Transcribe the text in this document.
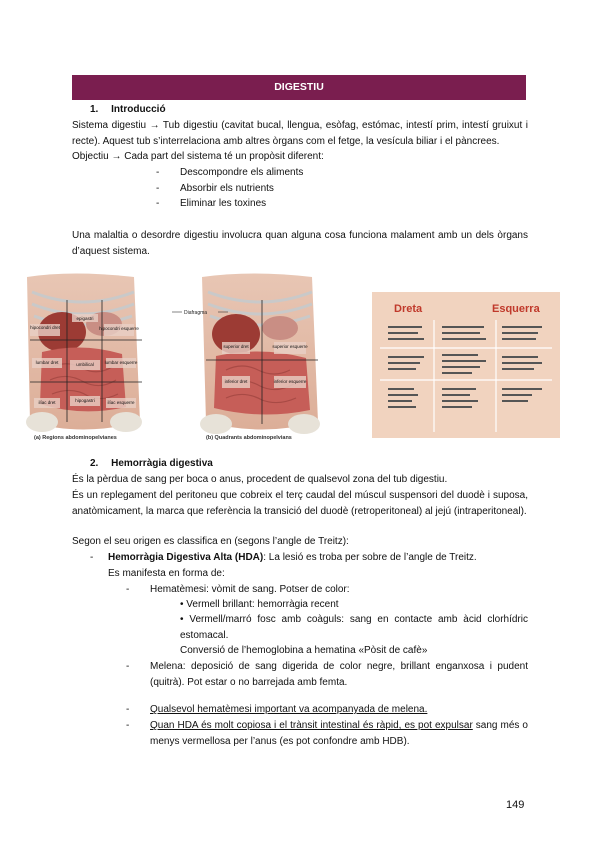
DIGESTIU
1. Introducció
Sistema digestiu → Tub digestiu (cavitat bucal, llengua, esòfag, estómac, intestí prim, intestí gruixut i recte). Aquest tub s’interrelaciona amb altres òrgans com el fetge, la vesícula biliar i el pàncrees.
Objectiu → Cada part del sistema té un propòsit diferent:
-	Descompondre els aliments
-	Absorbir els nutrients
-	Eliminar les toxines
Una malaltia o desordre digestiu involucra quan alguna cosa funciona malament amb un dels òrgans d’aquest sistema.
hipocondri dret
epigastri
hipocondri esquerre
lumbar dret	umbilical lumbar esquerre
ilíac dret	hipogastri	ilíac esquerre
superior dret	superior esquerre
inferior dret	inferior esquerre
Diafragma
(a) Regions abdominopelvianes	(b) Quadrants abdominopelvians
Dreta	Esquerra
2. Hemorràgia digestiva
És la pèrdua de sang per boca o anus, procedent de qualsevol zona del tub digestiu.
És un replegament del peritoneu que cobreix el terç caudal del múscul suspensori del duodè i suposa, anatòmicament, la marca que referència la transició del duodè (retroperitoneal) al jejú (intraperitoneal).
Segon el seu origen es classifica en (segons l’angle de Treitz):
-	Hemorràgia Digestiva Alta (HDA): La lesió es troba per sobre de l’angle de Treitz.
Es manifesta en forma de:
-	Hematèmesi: vòmit de sang. Potser de color:
• Vermell brillant: hemorràgia recent
• Vermell/marró fosc amb coàguls: sang en contacte amb àcid clorhídric estomacal.
Conversió de l’hemoglobina a hematina «Pòsit de cafè»
-	Melena: deposició de sang digerida de color negre, brillant enganxosa i pudent (quitrà). Pot estar o no barrejada amb femta.
-	Qualsevol hematèmesi important va acompanyada de melena.
-	Quan HDA és molt copiosa i el trànsit intestinal és ràpid, es pot expulsar sang més o menys vermellosa per l’anus (es pot confondre amb HDB).
149
